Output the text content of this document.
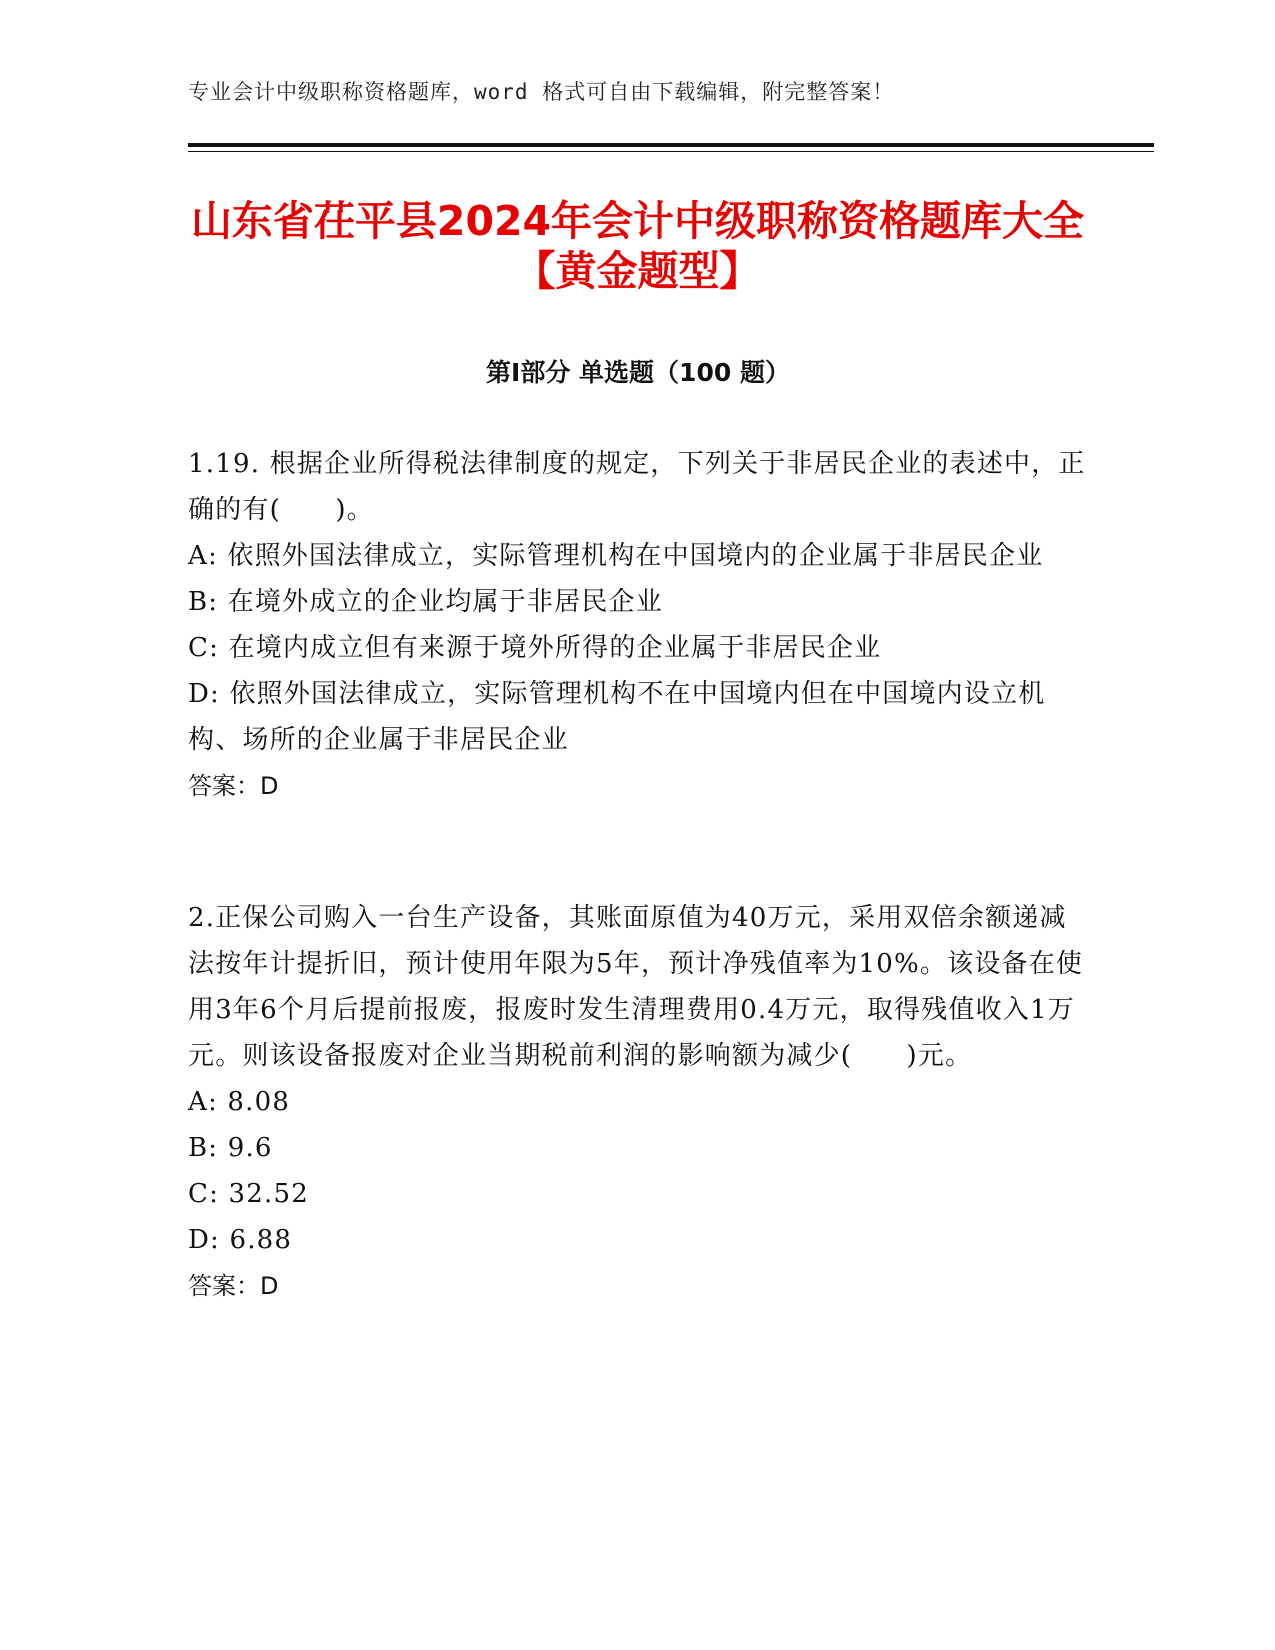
专业会计中级职称资格题库，word 格式可自由下载编辑，附完整答案！
山东省茌平县2024年会计中级职称资格题库大全【黄金题型】
第Ⅰ部分 单选题（100 题）

1.19. 根据企业所得税法律制度的规定，下列关于非居民企业的表述中，正确的有(　　)。

A: 依照外国法律成立，实际管理机构在中国境内的企业属于非居民企业

B: 在境外成立的企业均属于非居民企业

C: 在境内成立但有来源于境外所得的企业属于非居民企业

D: 依照外国法律成立，实际管理机构不在中国境内但在中国境内设立机构、场所的企业属于非居民企业

答案：D

2.正保公司购入一台生产设备，其账面原值为40万元，采用双倍余额递减法按年计提折旧，预计使用年限为5年，预计净残值率为10%。该设备在使用3年6个月后提前报废，报废时发生清理费用0.4万元，取得残值收入1万元。则该设备报废对企业当期税前利润的影响额为减少(　　)元。

A: 8.08

B: 9.6

C: 32.52

D: 6.88

答案：D
